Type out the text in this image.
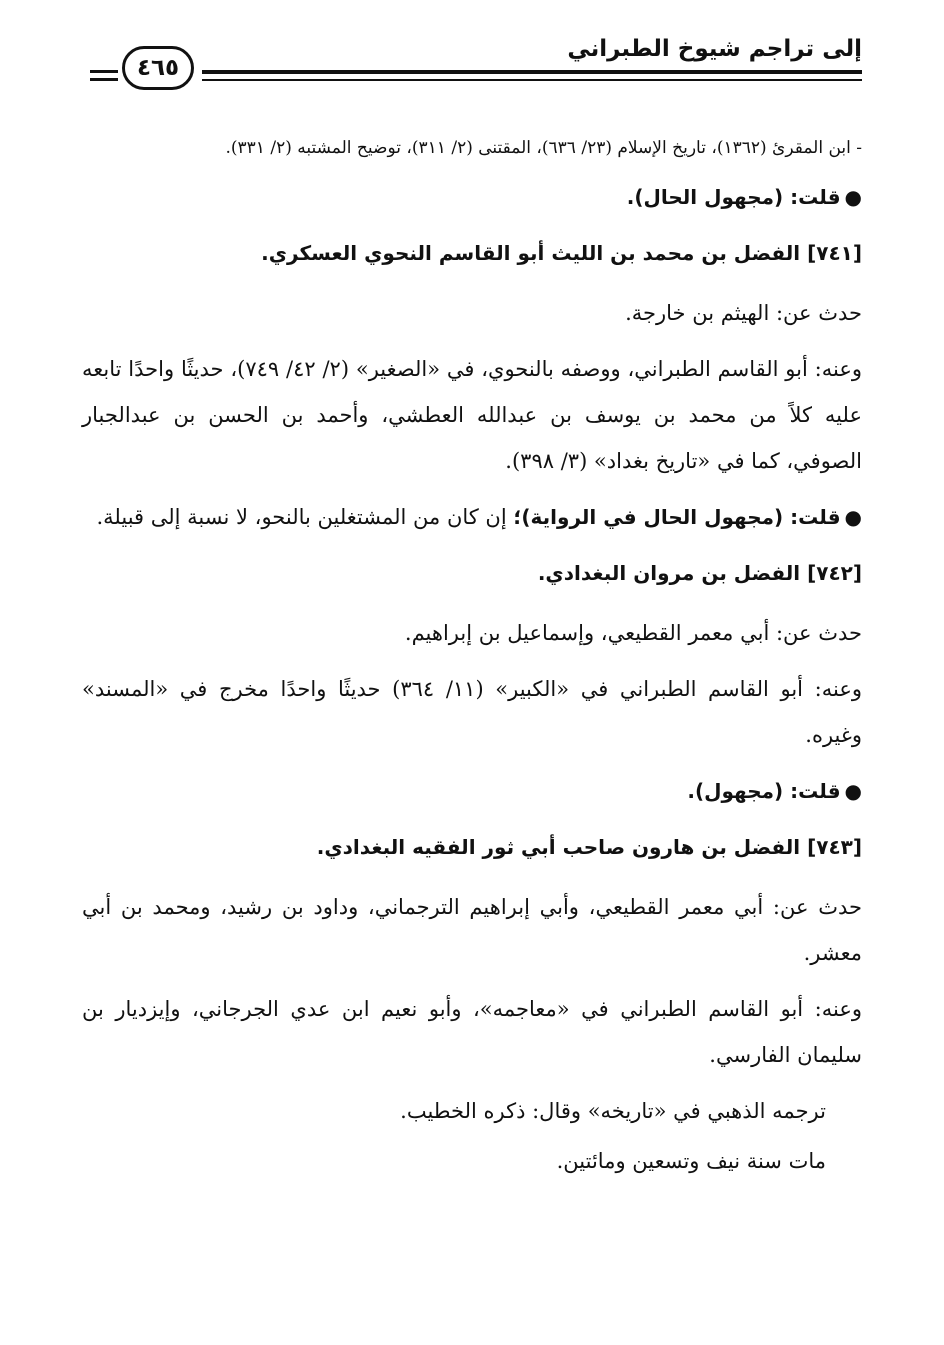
إلى تراجم شيوخ الطبراني
٤٦٥

- ابن المقرئ (١٣٦٢)، تاريخ الإسلام (٢٣/ ٦٣٦)، المقتنى (٢/ ٣١١)، توضيح المشتبه (٢/ ٣٣١).

●قلت: (مجهول الحال).

[٧٤١] الفضل بن محمد بن الليث أبو القاسم النحوي العسكري.

حدث عن: الهيثم بن خارجة.

وعنه: أبو القاسم الطبراني، ووصفه بالنحوي، في «الصغير» (٢/ ٤٢/ ٧٤٩)، حديثًا واحدًا تابعه عليه كلاً من محمد بن يوسف بن عبدالله العطشي، وأحمد بن الحسن بن عبدالجبار الصوفي، كما في «تاريخ بغداد» (٣/ ٣٩٨).

●قلت: (مجهول الحال في الرواية)؛ إن كان من المشتغلين بالنحو، لا نسبة إلى قبيلة.

[٧٤٢] الفضل بن مروان البغدادي.

حدث عن: أبي معمر القطيعي، وإسماعيل بن إبراهيم.

وعنه: أبو القاسم الطبراني في «الكبير» (١١/ ٣٦٤) حديثًا واحدًا مخرج في «المسند» وغيره.

●قلت: (مجهول).

[٧٤٣] الفضل بن هارون صاحب أبي ثور الفقيه البغدادي.

حدث عن: أبي معمر القطيعي، وأبي إبراهيم الترجماني، وداود بن رشيد، ومحمد بن أبي معشر.

وعنه: أبو القاسم الطبراني في «معاجمه»، وأبو نعيم ابن عدي الجرجاني، وإيزديار بن سليمان الفارسي.

ترجمه الذهبي في «تاريخه» وقال: ذكره الخطيب.

مات سنة نيف وتسعين ومائتين.
